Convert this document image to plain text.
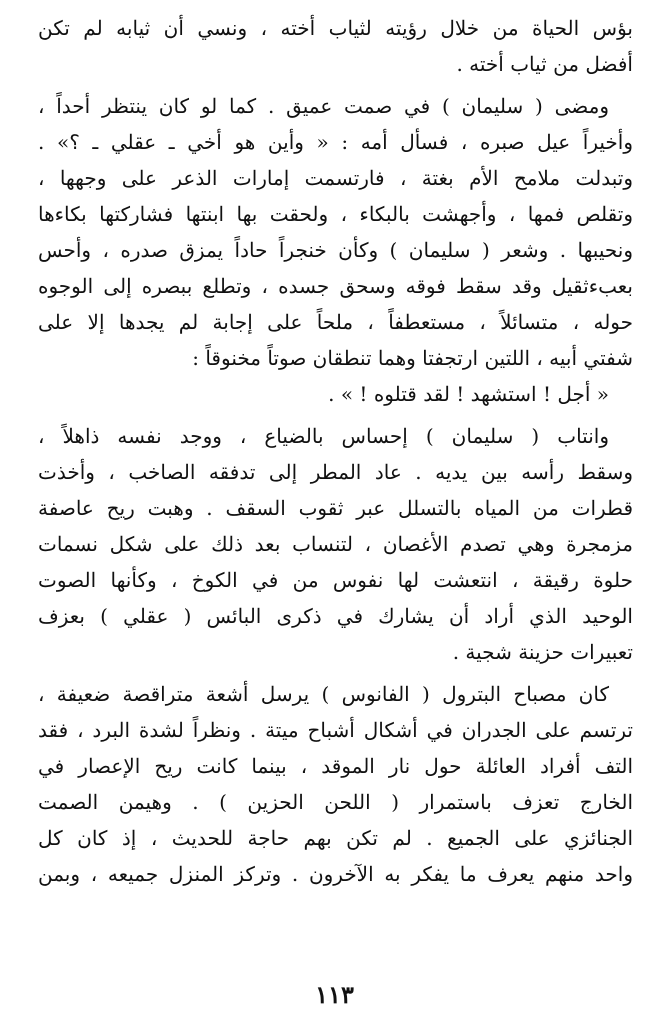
بؤس الحياة من خلال رؤيته لثياب أخته ، ونسي أن ثيابه لم تكن
أفضل من ثياب أخته .
ومضى ( سليمان ) في صمت عميق . كما لو كان ينتظر أحداً ،
وأخيراً عيل صبره ، فسأل أمه : « وأين هو أخي ـ عقلي ـ ؟» .
وتبدلت ملامح الأم بغتة ، فارتسمت إمارات الذعر على وجهها ،
وتقلص فمها ، وأجهشت بالبكاء ، ولحقت بها ابنتها فشاركتها بكاءها
ونحيبها . وشعر ( سليمان ) وكأن خنجراً حاداً يمزق صدره ، وأحس
بعبءثقيل وقد سقط فوقه وسحق جسده ، وتطلع ببصره إلى الوجوه
حوله ، متسائلاً ، مستعطفاً ، ملحاً على إجابة لم يجدها إلا على
شفتي أبيه ، اللتين ارتجفتا وهما تنطقان صوتاً مخنوقاً :
« أجل ! استشهد ! لقد قتلوه ! » .
وانتاب ( سليمان ) إحساس بالضياع ، ووجد نفسه ذاهلاً ،
وسقط رأسه بين يديه . عاد المطر إلى تدفقه الصاخب ، وأخذت
قطرات من المياه بالتسلل عبر ثقوب السقف . وهبت ريح عاصفة
مزمجرة وهي تصدم الأغصان ، لتنساب بعد ذلك على شكل نسمات
حلوة رقيقة ، انتعشت لها نفوس من في الكوخ ، وكأنها الصوت
الوحيد الذي أراد أن يشارك في ذكرى البائس ( عقلي ) بعزف
تعبيرات حزينة شجية .
كان مصباح البترول ( الفانوس ) يرسل أشعة متراقصة ضعيفة ،
ترتسم على الجدران في أشكال أشباح ميتة . ونظراً لشدة البرد ، فقد
التف أفراد العائلة حول نار الموقد ، بينما كانت ريح الإعصار في
الخارج تعزف باستمرار ( اللحن الحزين ) . وهيمن الصمت
الجنائزي على الجميع . لم تكن بهم حاجة للحديث ، إذ كان كل
واحد منهم يعرف ما يفكر به الآخرون . وتركز المنزل جميعه ، وبمن
١١٣
